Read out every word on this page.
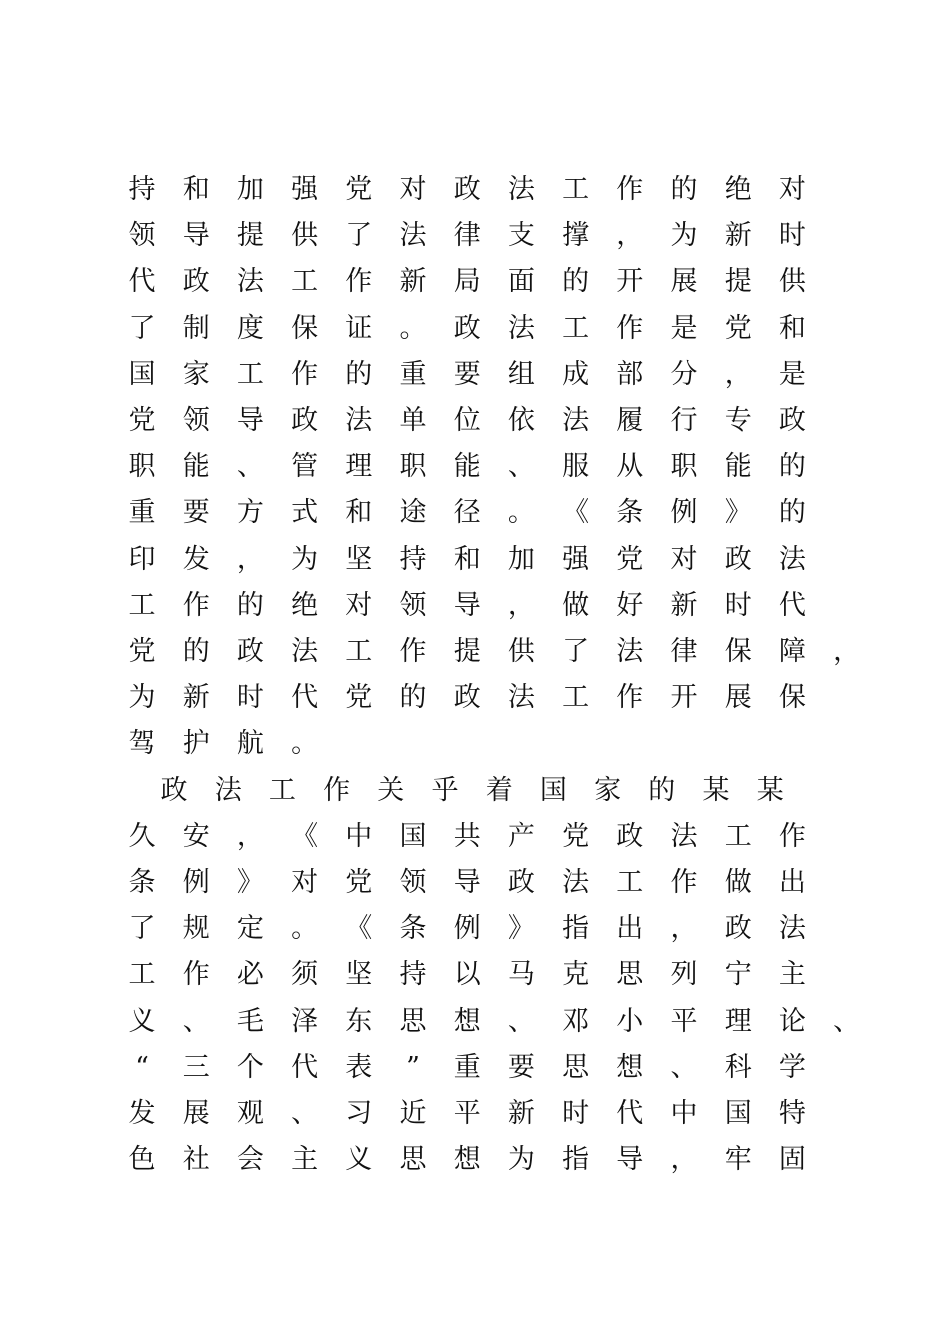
持 和 加 强 党 对 政 法 工 作 的 绝 对
领 导 提 供 了 法 律 支 撑 ， 为 新 时
代 政 法 工 作 新 局 面 的 开 展 提 供
了 制 度 保 证 。 政 法 工 作 是 党 和
国 家 工 作 的 重 要 组 成 部 分 ， 是
党 领 导 政 法 单 位 依 法 履 行 专 政
职 能 、 管 理 职 能 、 服 从 职 能 的
重 要 方 式 和 途 径 。 《 条 例 》 的
印 发 ， 为 坚 持 和 加 强 党 对 政 法
工 作 的 绝 对 领 导 ， 做 好 新 时 代
党 的 政 法 工 作 提 供 了 法 律 保 障 ，
为 新 时 代 党 的 政 法 工 作 开 展 保
驾 护 航 。
政 法 工 作 关 乎 着 国 家 的 某 某
久 安 ， 《 中 国 共 产 党 政 法 工 作
条 例 》 对 党 领 导 政 法 工 作 做 出
了 规 定 。 《 条 例 》 指 出 ， 政 法
工 作 必 须 坚 持 以 马 克 思 列 宁 主
义 、 毛 泽 东 思 想 、 邓 小 平 理 论 、
“	三 个 代 表	”	重 要 思 想 、 科 学
发 展 观 、 习 近 平 新 时 代 中 国 特
色 社 会 主 义 思 想 为 指 导 ， 牢 固
